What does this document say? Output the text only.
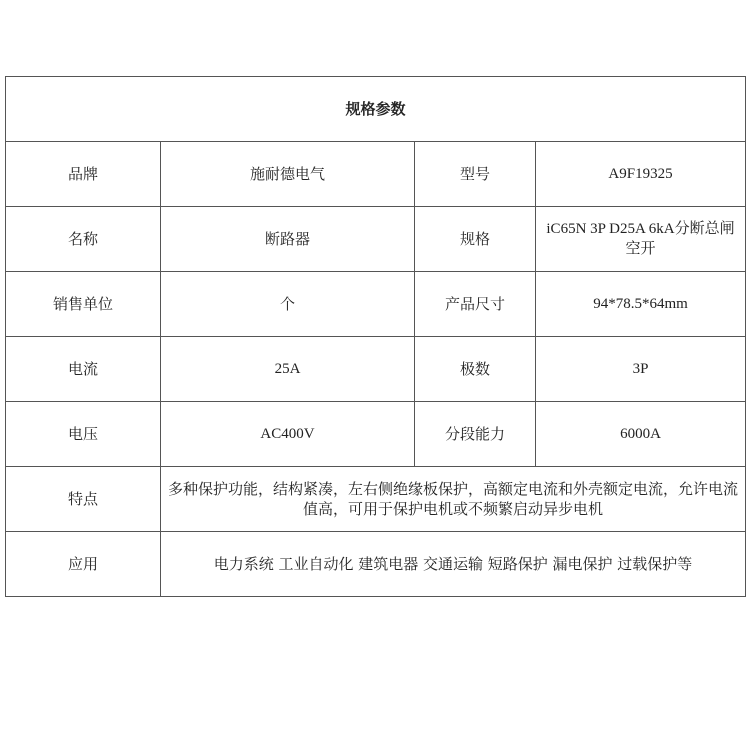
规格参数			
品牌	施耐德电气	型号	A9F19325
名称	断路器	规格	iC65N 3P D25A 6kA分断总闸空开
销售单位	个	产品尺寸	94*78.5*64mm
电流	25A	极数	3P
电压	AC400V	分段能力	6000A
特点	多种保护功能，结构紧凑，左右侧绝缘板保护，高额定电流和外壳额定电流，允许电流值高，可用于保护电机或不频繁启动异步电机		
应用	电力系统 工业自动化 建筑电器 交通运输 短路保护 漏电保护 过载保护等		
